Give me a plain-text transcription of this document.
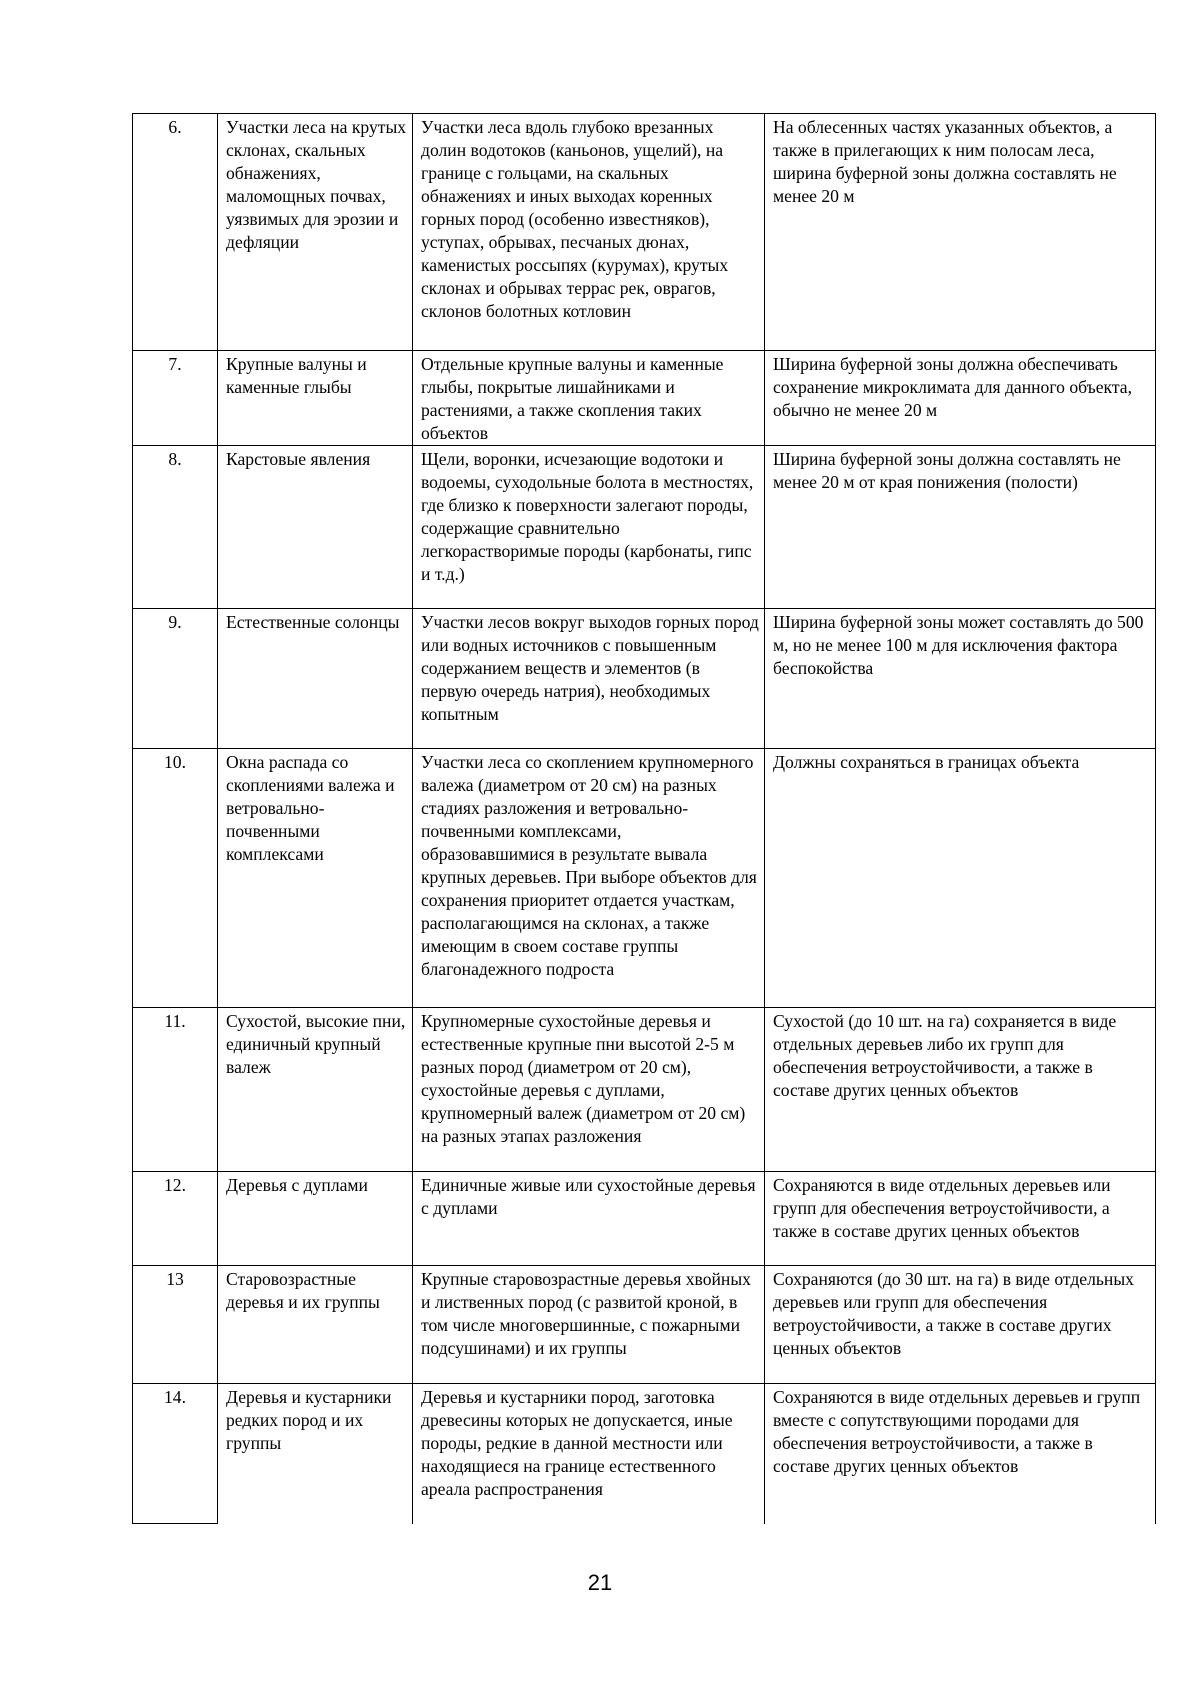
6.	Участки леса на крутых склонах, скальных обнажениях, маломощных почвах, уязвимых для эрозии и дефляции	Участки леса вдоль глубоко врезанных долин водотоков (каньонов, ущелий), на границе с гольцами, на скальных обнажениях и иных выходах коренных горных пород (особенно известняков), уступах, обрывах, песчаных дюнах, каменистых россыпях (курумах), крутых склонах и обрывах террас рек, оврагов, склонов болотных котловин	На облесенных частях указанных объектов, а также в прилегающих к ним полосам леса, ширина буферной зоны должна составлять не менее 20 м
7.	Крупные валуны и каменные глыбы	Отдельные крупные валуны и каменные глыбы, покрытые лишайниками и растениями, а также скопления таких объектов	Ширина буферной зоны должна обеспечивать сохранение микроклимата для данного объекта, обычно не менее 20 м
8.	Карстовые явления	Щели, воронки, исчезающие водотоки и водоемы, суходольные болота в местностях, где близко к поверхности залегают породы, содержащие сравнительно легкорастворимые породы (карбонаты, гипс и т.д.)	Ширина буферной зоны должна составлять не менее 20 м от края понижения (полости)
9.	Естественные солонцы	Участки лесов вокруг выходов горных пород или водных источников с повышенным содержанием веществ и элементов (в первую очередь натрия), необходимых копытным	Ширина буферной зоны может составлять до 500 м, но не менее 100 м для исключения фактора беспокойства
10.	Окна распада со скоплениями валежа и ветровально-почвенными комплексами	Участки леса со скоплением крупномерного валежа (диаметром от 20 см) на разных стадиях разложения и ветровально-почвенными комплексами, образовавшимися в результате вывала крупных деревьев. При выборе объектов для сохранения приоритет отдается участкам, располагающимся на склонах, а также имеющим в своем составе группы благонадежного подроста	Должны сохраняться в границах объекта
11.	Сухостой, высокие пни, единичный крупный валеж	Крупномерные сухостойные деревья и естественные крупные пни высотой 2-5 м разных пород (диаметром от 20 см), сухостойные деревья с дуплами, крупномерный валеж (диаметром от 20 см) на разных этапах разложения	Сухостой (до 10 шт. на га) сохраняется в виде отдельных деревьев либо их групп для обеспечения ветроустойчивости, а также в составе других ценных объектов
12.	Деревья с дуплами	Единичные живые или сухостойные деревья с дуплами	Сохраняются в виде отдельных деревьев или групп для обеспечения ветроустойчивости, а также в составе других ценных объектов
13	Старовозрастные деревья и их группы	Крупные старовозрастные деревья хвойных и лиственных пород (с развитой кроной, в том числе многовершинные, с пожарными подсушинами) и их группы	Сохраняются (до 30 шт. на га) в виде отдельных деревьев или групп для обеспечения ветроустойчивости, а также в составе других ценных объектов
14.	Деревья и кустарники редких пород и их группы	Деревья и кустарники пород, заготовка древесины которых не допускается, иные породы, редкие в данной местности или находящиеся на границе естественного ареала распространения	Сохраняются в виде отдельных деревьев и групп вместе с сопутствующими породами для обеспечения ветроустойчивости, а также в составе других ценных объектов
21
